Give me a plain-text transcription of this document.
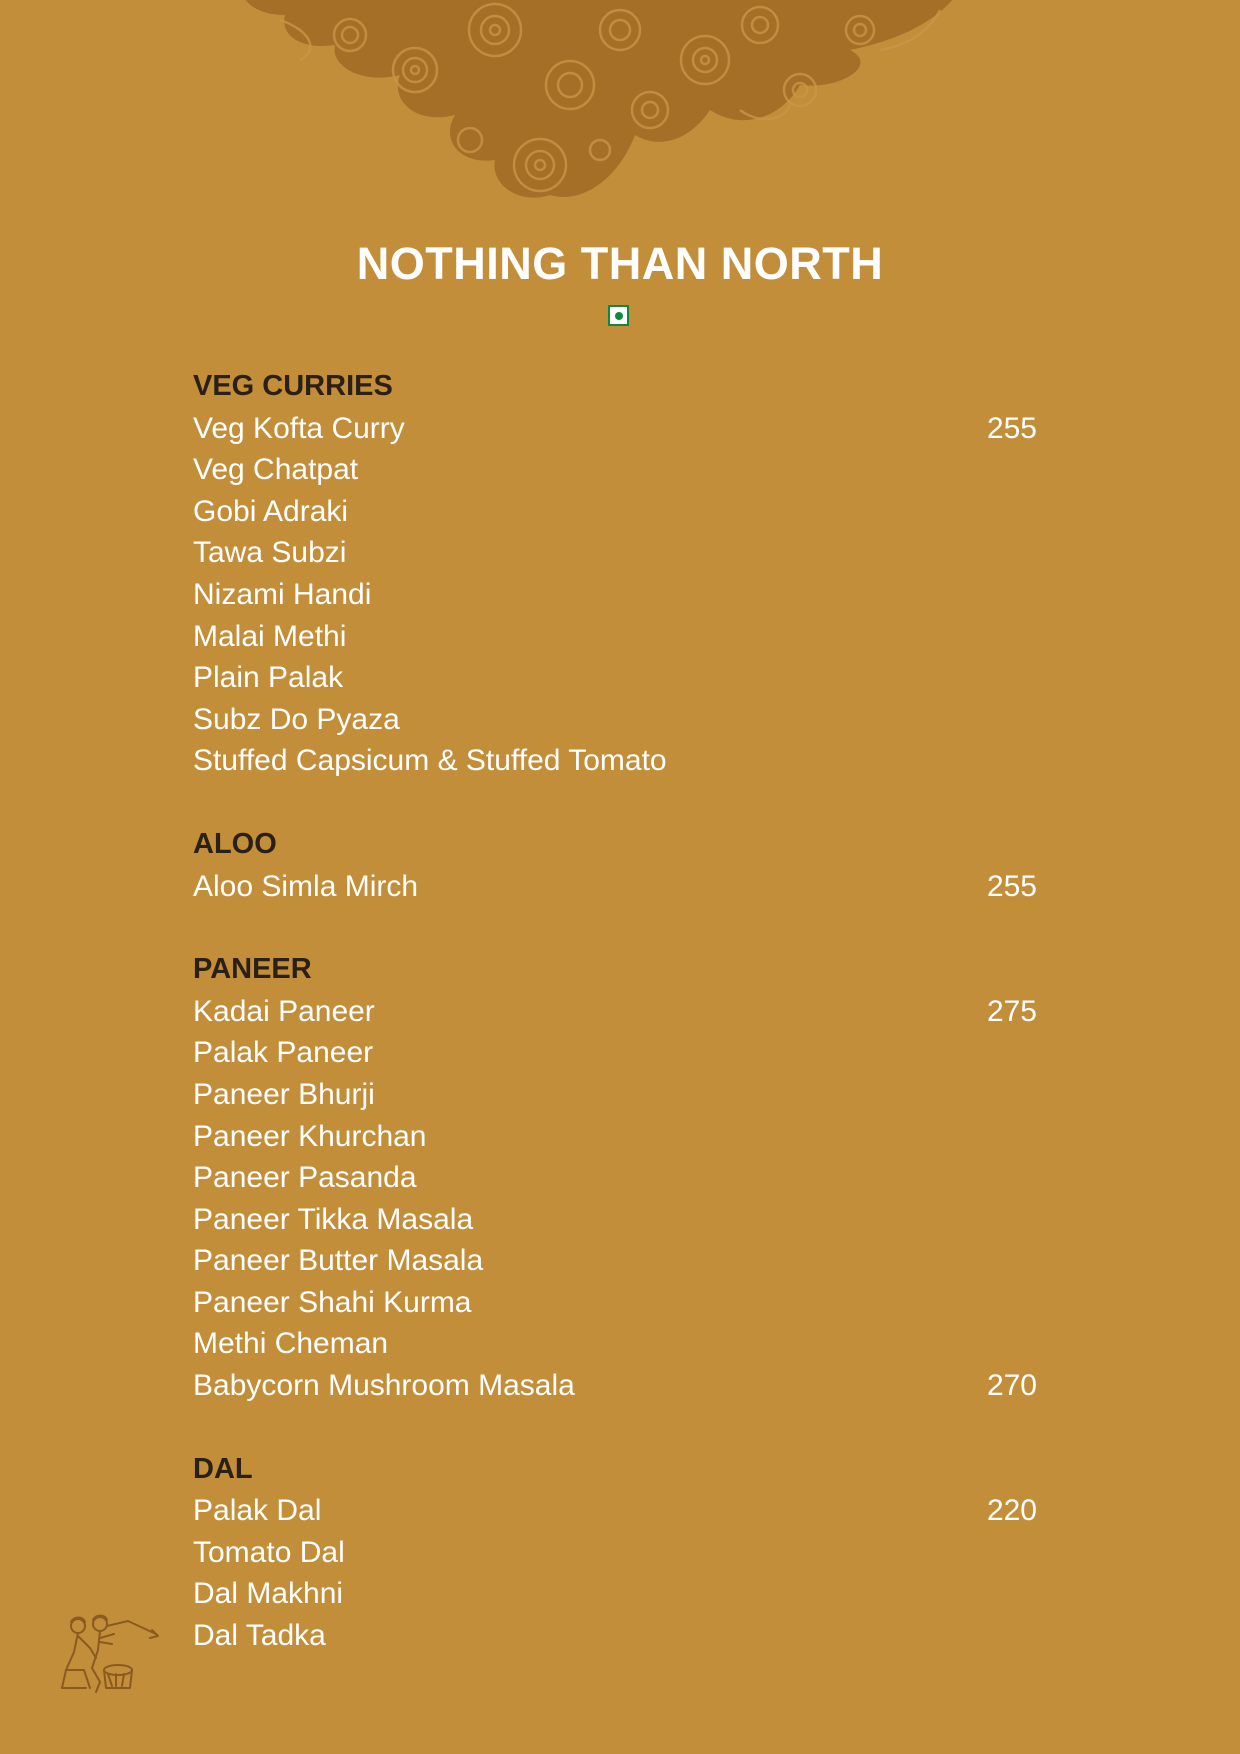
NOTHING THAN NORTH
VEG CURRIES
Veg Kofta Curry	255
Veg Chatpat
Gobi Adraki
Tawa Subzi
Nizami Handi
Malai Methi
Plain Palak
Subz Do Pyaza
Stuffed Capsicum & Stuffed Tomato
ALOO
Aloo Simla Mirch	255
PANEER
Kadai Paneer	275
Palak Paneer
Paneer Bhurji
Paneer Khurchan
Paneer Pasanda
Paneer Tikka Masala
Paneer Butter Masala
Paneer Shahi Kurma
Methi Cheman
Babycorn Mushroom Masala	270
DAL
Palak Dal	220
Tomato Dal
Dal Makhni
Dal Tadka
